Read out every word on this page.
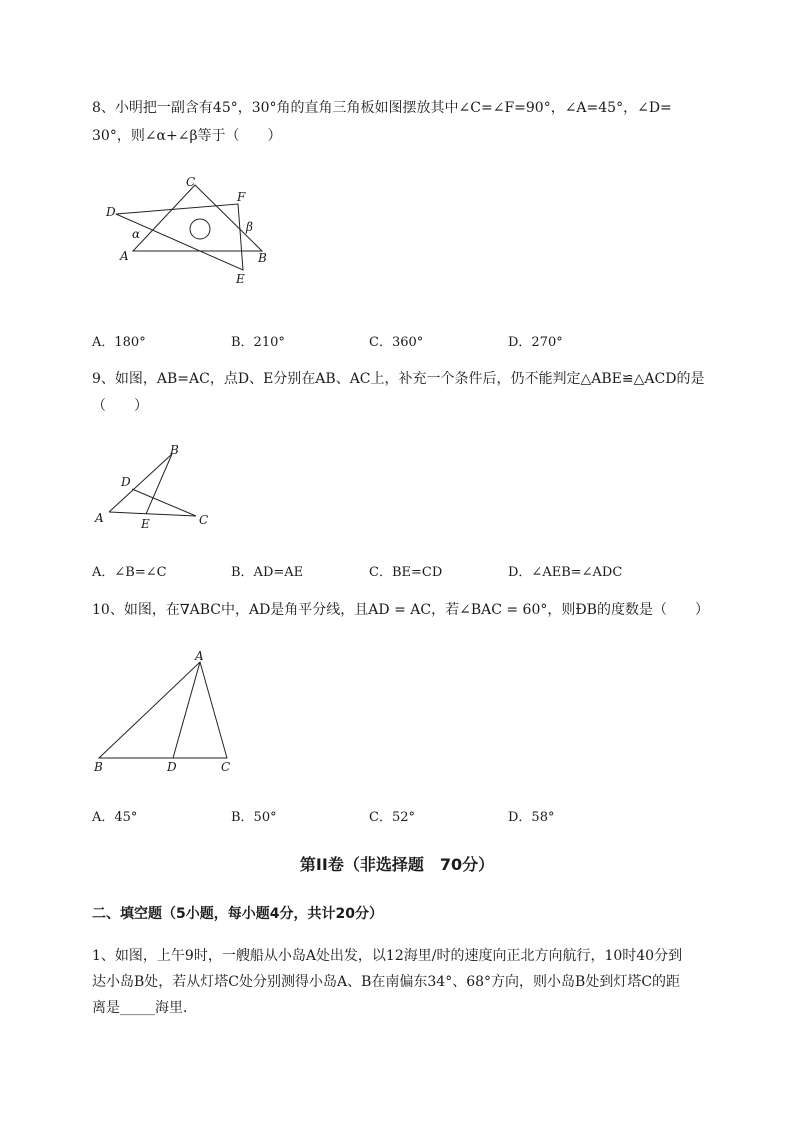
8、小明把一副含有45°，30°角的直角三角板如图摆放其中∠C=∠F=90°，∠A=45°，∠D=
30°，则∠α+∠β等于（　　）
C
F
D
A	B
E
α	β
A．180°	B．210°	C．360°	D．270°
9、如图，AB=AC，点D、E分别在AB、AC上，补充一个条件后，仍不能判定△ABE≌△ACD的是
（　　）
B
D
A	E	C
A．∠B=∠C	B．AD=AE	C．BE=CD	D．∠AEB=∠ADC
10、如图，在∇ABC中，AD是角平分线，且AD = AC，若∠BAC = 60°，则ÐB的度数是（　　）
A
B	D	C
A．45°	B．50°	C．52°	D．58°
第II卷（非选择题　70分）
二、填空题（5小题，每小题4分，共计20分）
1、如图，上午9时，一艘船从小岛A处出发，以12海里/时的速度向正北方向航行，10时40分到
达小岛B处，若从灯塔C处分别测得小岛A、B在南偏东34°、68°方向，则小岛B处到灯塔C的距
离是_____海里．
